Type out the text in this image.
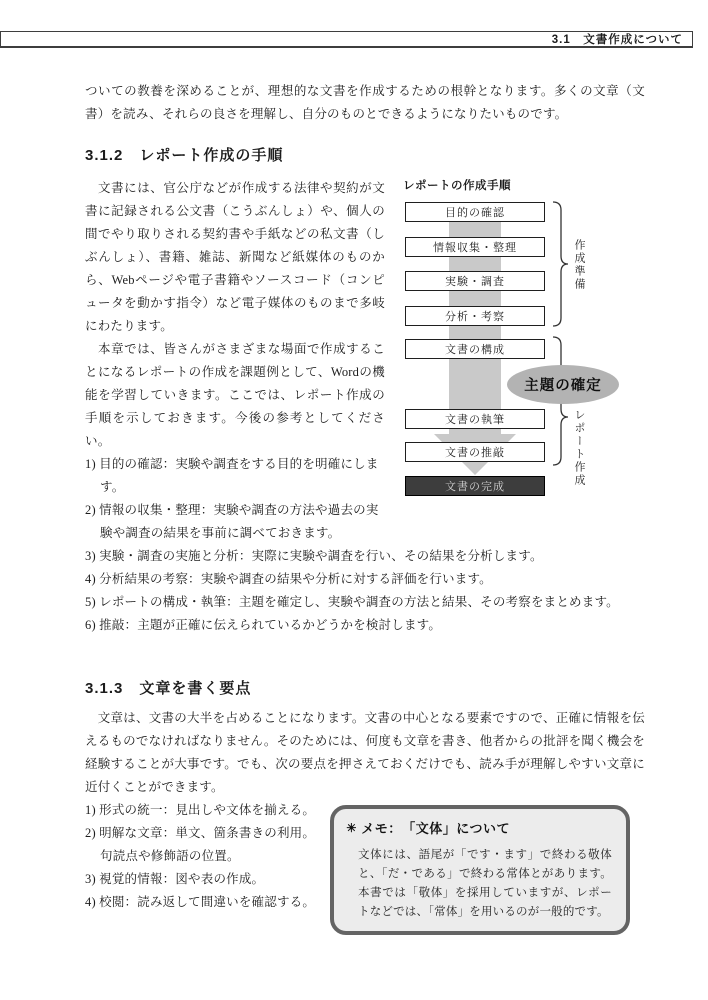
3.1　文書作成について

ついての教養を深めることが、理想的な文書を作成するための根幹となります。多くの文章（文書）を読み、それらの良さを理解し、自分のものとできるようになりたいものです。

3.1.2　レポート作成の手順
レポートの作成手順
目的の確認
情報収集・整理
実験・調査
分析・考察
文書の構成
文書の執筆
文書の推敲
文書の完成
主題の確定
作成準備
レポート作成

　文書には、官公庁などが作成する法律や契約が文書に記録される公文書（こうぶんしょ）や、個人の間でやり取りされる契約書や手紙などの私文書（しぶんしょ）、書籍、雑誌、新聞など紙媒体のものから、Webページや電子書籍やソースコード（コンピュータを動かす指令）など電子媒体のものまで多岐にわたります。

　本章では、皆さんがさまざまな場面で作成することになるレポートの作成を課題例として、Wordの機能を学習していきます。ここでは、レポート作成の手順を示しておきます。今後の参考としてください。

1) 目的の確認：実験や調査をする目的を明確にします。
2) 情報の収集・整理：実験や調査の方法や過去の実験や調査の結果を事前に調べておきます。
3) 実験・調査の実施と分析：実際に実験や調査を行い、その結果を分析します。
4) 分析結果の考察：実験や調査の結果や分析に対する評価を行います。
5) レポートの構成・執筆：主題を確定し、実験や調査の方法と結果、その考察をまとめます。
6) 推敲：主題が正確に伝えられているかどうかを検討します。
3.1.3　文章を書く要点

　文章は、文書の大半を占めることになります。文書の中心となる要素ですので、正確に情報を伝えるものでなければなりません。そのためには、何度も文章を書き、他者からの批評を聞く機会を経験することが大事です。でも、次の要点を押さえておくだけでも、読み手が理解しやすい文章に近付くことができます。

☀ メモ：　「文体」について

文体には、語尾が「です・ます」で終わる敬体と、「だ・である」で終わる常体とがあります。本書では「敬体」を採用していますが、レポートなどでは、「常体」を用いるのが一般的です。

1) 形式の統一：見出しや文体を揃える。
2) 明解な文章：単文、箇条書きの利用。句読点や修飾語の位置。
3) 視覚的情報：図や表の作成。
4) 校閲：読み返して間違いを確認する。
